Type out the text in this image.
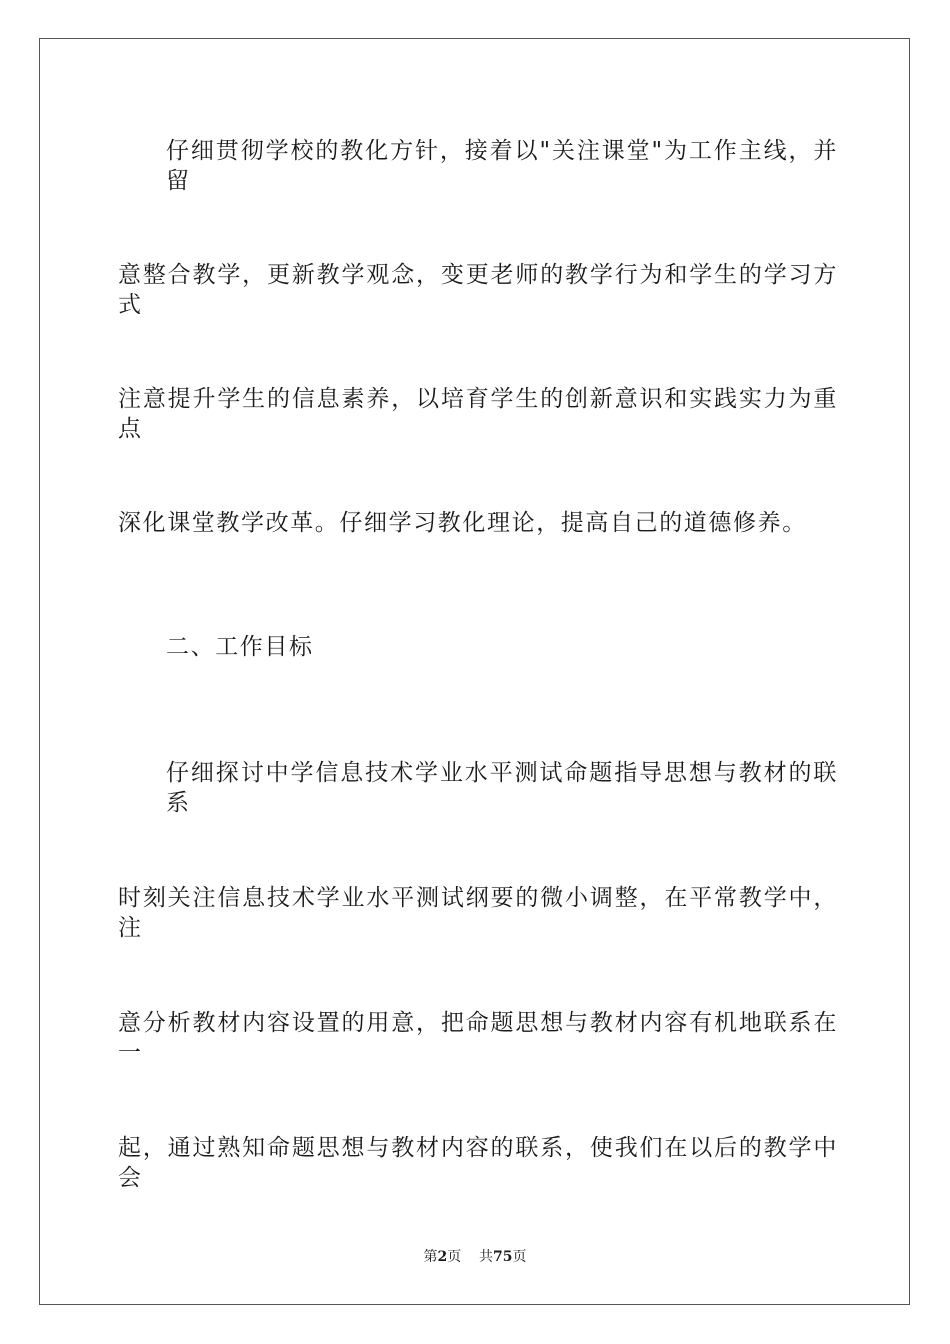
仔细贯彻学校的教化方针，接着以"关注课堂"为工作主线，并留
意整合教学，更新教学观念，变更老师的教学行为和学生的学习方式
注意提升学生的信息素养，以培育学生的创新意识和实践实力为重点
深化课堂教学改革。仔细学习教化理论，提高自己的道德修养。
二、工作目标
仔细探讨中学信息技术学业水平测试命题指导思想与教材的联系
时刻关注信息技术学业水平测试纲要的微小调整，在平常教学中，注
意分析教材内容设置的用意，把命题思想与教材内容有机地联系在一
起，通过熟知命题思想与教材内容的联系，使我们在以后的教学中会
第2页 共75页
